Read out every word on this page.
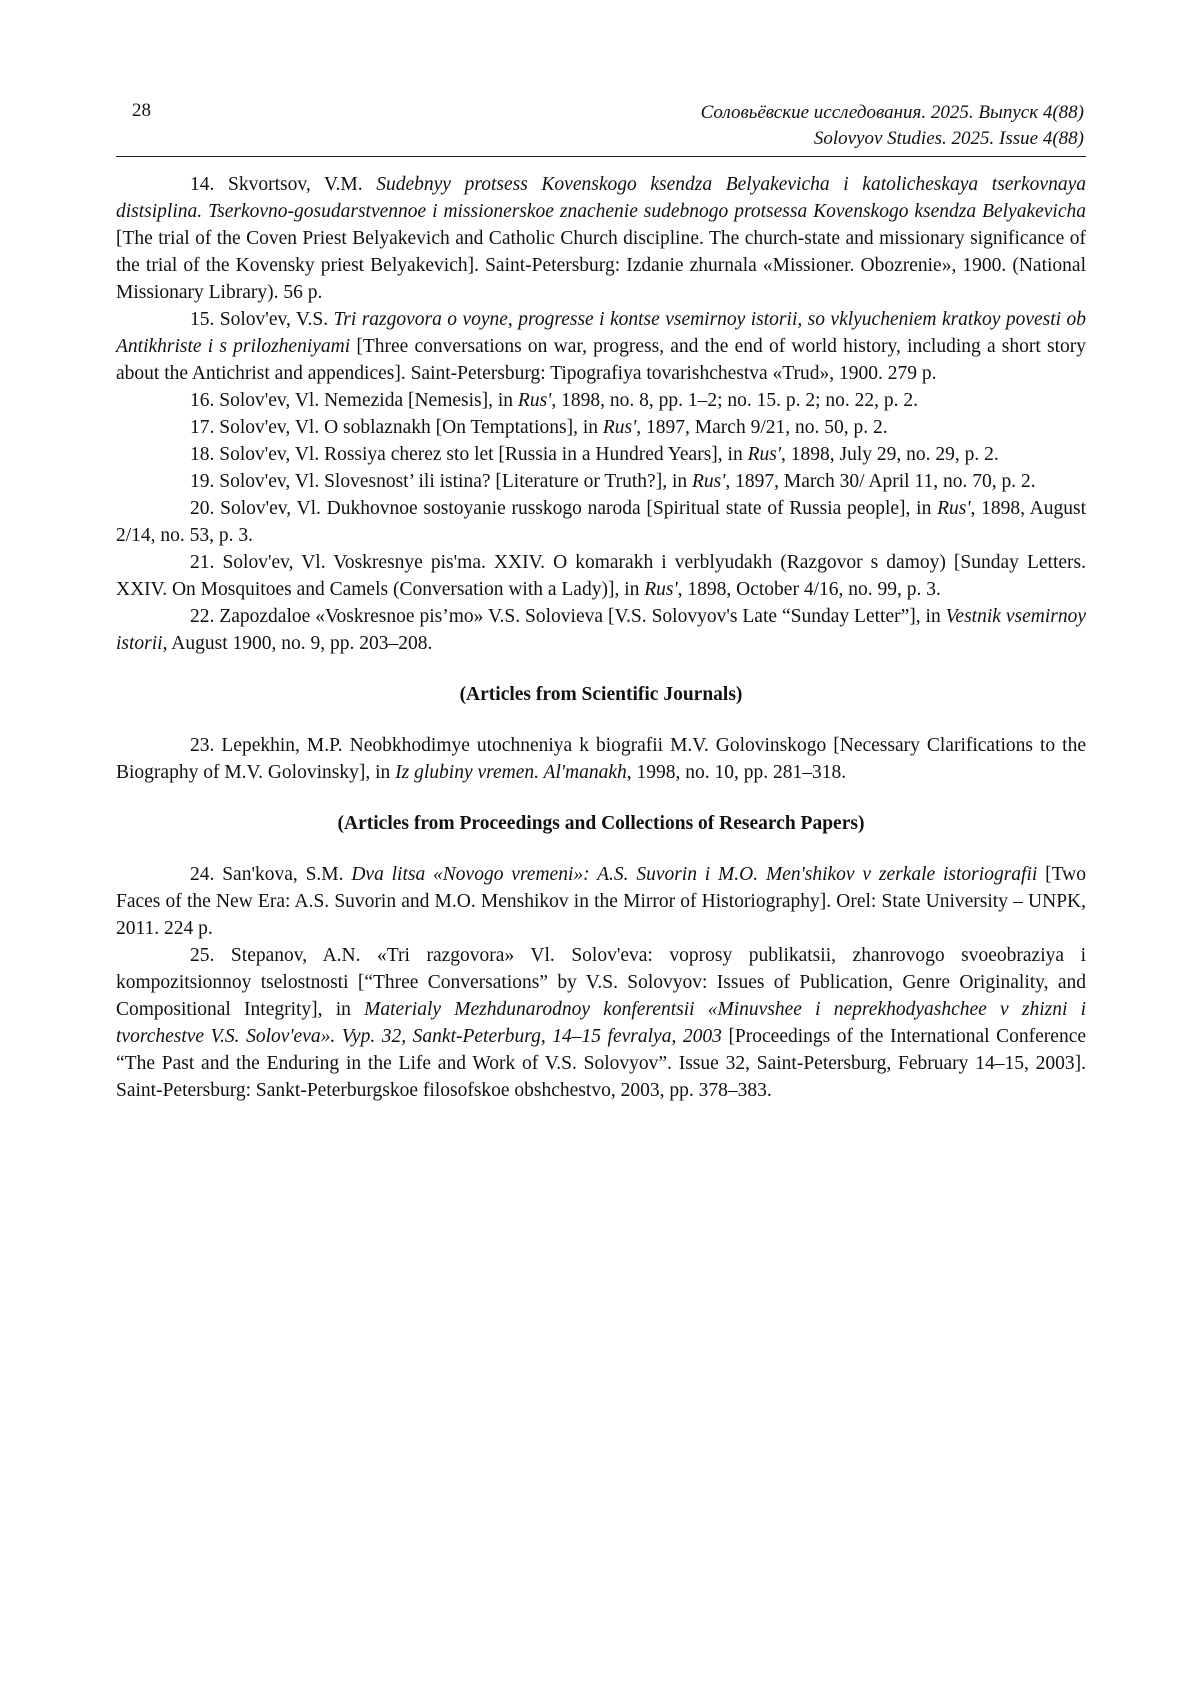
28	Соловьёвские исследования. 2025. Выпуск 4(88)
Solovyov Studies. 2025. Issue 4(88)

14. Skvortsov, V.M. Sudebnyy protsess Kovenskogo ksendza Belyakevicha i katolicheskaya tserkovnaya distsiplina. Tserkovno-gosudarstvennoe i missionerskoe znachenie sudebnogo protsessa Kovenskogo ksendza Belyakevicha [The trial of the Coven Priest Belyakevich and Catholic Church discipline. The church-state and missionary significance of the trial of the Kovensky priest Belyakevich]. Saint-Petersburg: Izdanie zhurnala «Missioner. Obozrenie», 1900. (National Missionary Library). 56 p.

15. Solov'ev, V.S. Tri razgovora o voyne, progresse i kontse vsemirnoy istorii, so vklyucheniem kratkoy povesti ob Antikhriste i s prilozheniyami [Three conversations on war, progress, and the end of world history, including a short story about the Antichrist and appendices]. Saint-Petersburg: Tipografiya tovarishchestva «Trud», 1900. 279 p.

16. Solov'ev, Vl. Nemezida [Nemesis], in Rus', 1898, no. 8, pp. 1–2; no. 15. p. 2; no. 22, p. 2.

17. Solov'ev, Vl. O soblaznakh [On Temptations], in Rus', 1897, March 9/21, no. 50, p. 2.

18. Solov'ev, Vl. Rossiya cherez sto let [Russia in a Hundred Years], in Rus', 1898, July 29, no. 29, p. 2.

19. Solov'ev, Vl. Slovesnost’ ili istina? [Literature or Truth?], in Rus', 1897, March 30/ April 11, no. 70, p. 2.

20. Solov'ev, Vl. Dukhovnoe sostoyanie russkogo naroda [Spiritual state of Russia people], in Rus', 1898, August 2/14, no. 53, p. 3.

21. Solov'ev, Vl. Voskresnye pis'ma. XXIV. O komarakh i verblyudakh (Razgovor s damoy) [Sunday Letters. XXIV. On Mosquitoes and Camels (Conversation with a Lady)], in Rus', 1898, October 4/16, no. 99, p. 3.

22. Zapozdaloe «Voskresnoe pis’mo» V.S. Solovieva [V.S. Solovyov's Late “Sunday Letter”], in Vestnik vsemirnoy istorii, August 1900, no. 9, pp. 203–208.

(Articles from Scientific Journals)

23. Lepekhin, M.P. Neobkhodimye utochneniya k biografii M.V. Golovinskogo [Necessary Clarifications to the Biography of M.V. Golovinsky], in Iz glubiny vremen. Al'manakh, 1998, no. 10, pp. 281–318.

(Articles from Proceedings and Collections of Research Papers)

24. San'kova, S.M. Dva litsa «Novogo vremeni»: A.S. Suvorin i M.O. Men'shikov v zerkale istoriografii [Two Faces of the New Era: A.S. Suvorin and M.O. Menshikov in the Mirror of Historiography]. Orel: State University – UNPK, 2011. 224 p.

25. Stepanov, A.N. «Tri razgovora» Vl. Solov'eva: voprosy publikatsii, zhanrovogo svoeobraziya i kompozitsionnoy tselostnosti [“Three Conversations” by V.S. Solovyov: Issues of Publication, Genre Originality, and Compositional Integrity], in Materialy Mezhdunarodnoy konferentsii «Minuvshee i neprekhodyashchee v zhizni i tvorchestve V.S. Solov'eva». Vyp. 32, Sankt-Peterburg, 14–15 fevralya, 2003 [Proceedings of the International Conference “The Past and the Enduring in the Life and Work of V.S. Solovyov”. Issue 32, Saint-Petersburg, February 14–15, 2003]. Saint-Petersburg: Sankt-Peterburgskoe filosofskoe obshchestvo, 2003, pp. 378–383.
